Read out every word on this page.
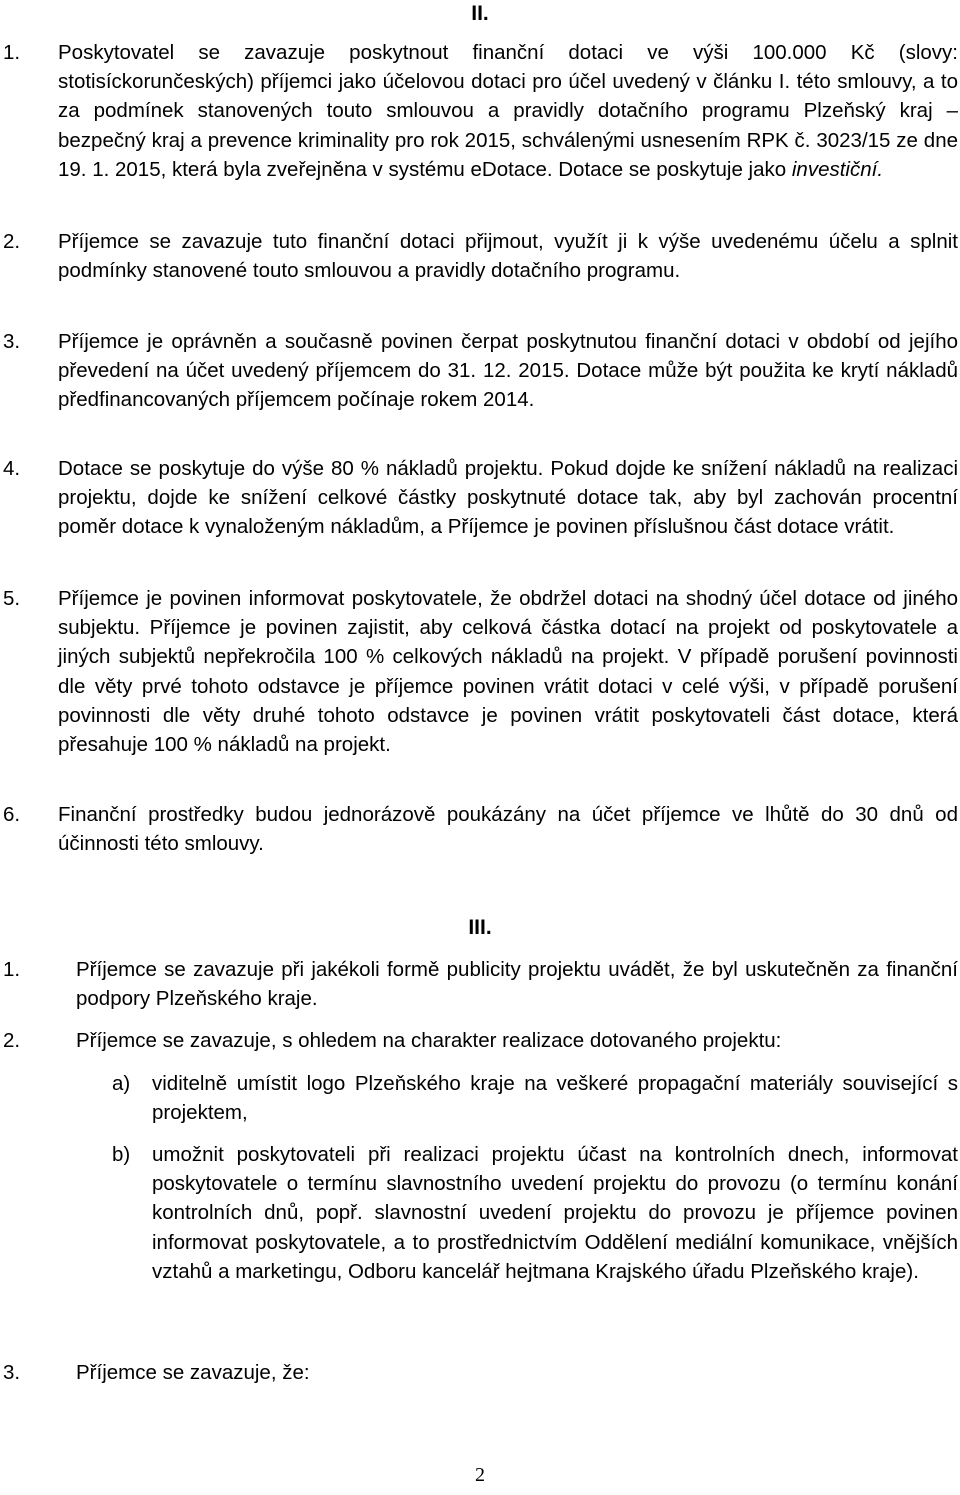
II.
1. Poskytovatel se zavazuje poskytnout finanční dotaci ve výši 100.000 Kč (slovy: stotisíckorunčeských) příjemci jako účelovou dotaci pro účel uvedený v článku I. této smlouvy, a to za podmínek stanovených touto smlouvou a pravidly dotačního programu Plzeňský kraj – bezpečný kraj a prevence kriminality pro rok 2015, schválenými usnesením RPK č. 3023/15 ze dne 19. 1. 2015, která byla zveřejněna v systému eDotace. Dotace se poskytuje jako investiční.
2. Příjemce se zavazuje tuto finanční dotaci přijmout, využít ji k výše uvedenému účelu a splnit podmínky stanovené touto smlouvou a pravidly dotačního programu.
3. Příjemce je oprávněn a současně povinen čerpat poskytnutou finanční dotaci v období od jejího převedení na účet uvedený příjemcem do 31. 12. 2015. Dotace může být použita ke krytí nákladů předfinancovaných příjemcem počínaje rokem 2014.
4. Dotace se poskytuje do výše 80 % nákladů projektu. Pokud dojde ke snížení nákladů na realizaci projektu, dojde ke snížení celkové částky poskytnuté dotace tak, aby byl zachován procentní poměr dotace k vynaloženým nákladům, a Příjemce je povinen příslušnou část dotace vrátit.
5. Příjemce je povinen informovat poskytovatele, že obdržel dotaci na shodný účel dotace od jiného subjektu. Příjemce je povinen zajistit, aby celková částka dotací na projekt od poskytovatele a jiných subjektů nepřekročila 100 % celkových nákladů na projekt. V případě porušení povinnosti dle věty prvé tohoto odstavce je příjemce povinen vrátit dotaci v celé výši, v případě porušení povinnosti dle věty druhé tohoto odstavce je povinen vrátit poskytovateli část dotace, která přesahuje 100 % nákladů na projekt.
6. Finanční prostředky budou jednorázově poukázány na účet příjemce ve lhůtě do 30 dnů od účinnosti této smlouvy.
III.
1.	Příjemce se zavazuje při jakékoli formě publicity projektu uvádět, že byl uskutečněn za finanční podpory Plzeňského kraje.
2.	Příjemce se zavazuje, s ohledem na charakter realizace dotovaného projektu:
a) viditelně umístit logo Plzeňského kraje na veškeré propagační materiály související s projektem,
b) umožnit poskytovateli při realizaci projektu účast na kontrolních dnech, informovat poskytovatele o termínu slavnostního uvedení projektu do provozu (o termínu konání kontrolních dnů, popř. slavnostní uvedení projektu do provozu je příjemce povinen informovat poskytovatele, a to prostřednictvím Oddělení mediální komunikace, vnějších vztahů a marketingu, Odboru kancelář hejtmana Krajského úřadu Plzeňského kraje).
3.	Příjemce se zavazuje, že:
2
